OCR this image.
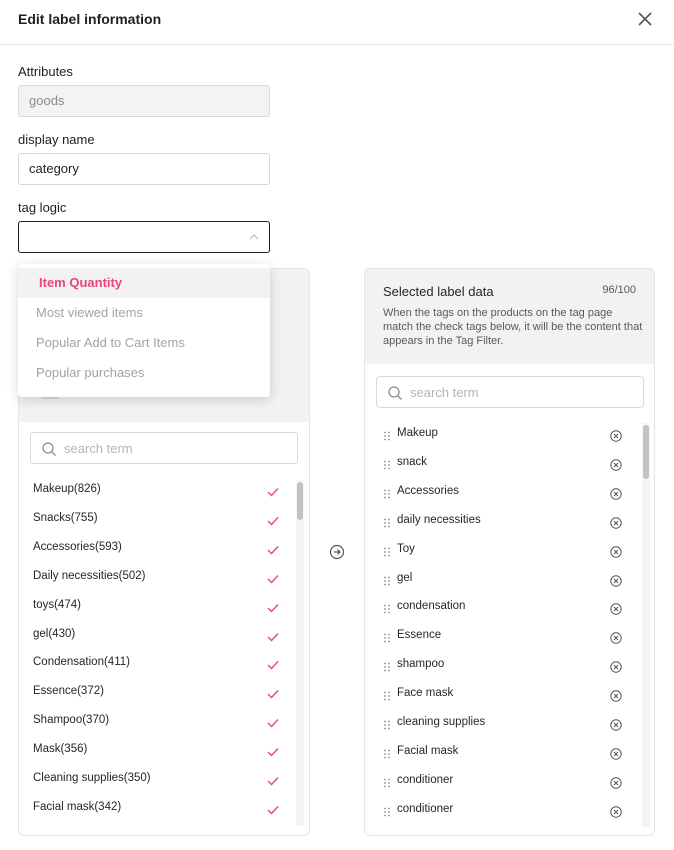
Edit label information
Attributes
goods
display name
category
tag logic
search term
Makeup(826)
Snacks(755)
Accessories(593)
Daily necessities(502)
toys(474)
gel(430)
Condensation(411)
Essence(372)
Shampoo(370)
Mask(356)
Cleaning supplies(350)
Facial mask(342)
Selected label data	96/100
When the tags on the products on the tag page match the check tags below, it will be the content that appears in the Tag Filter.
search term
Makeup
snack
Accessories
daily necessities
Toy
gel
condensation
Essence
shampoo
Face mask
cleaning supplies
Facial mask
conditioner
conditioner
Item Quantity
Most viewed items
Popular Add to Cart Items
Popular purchases
